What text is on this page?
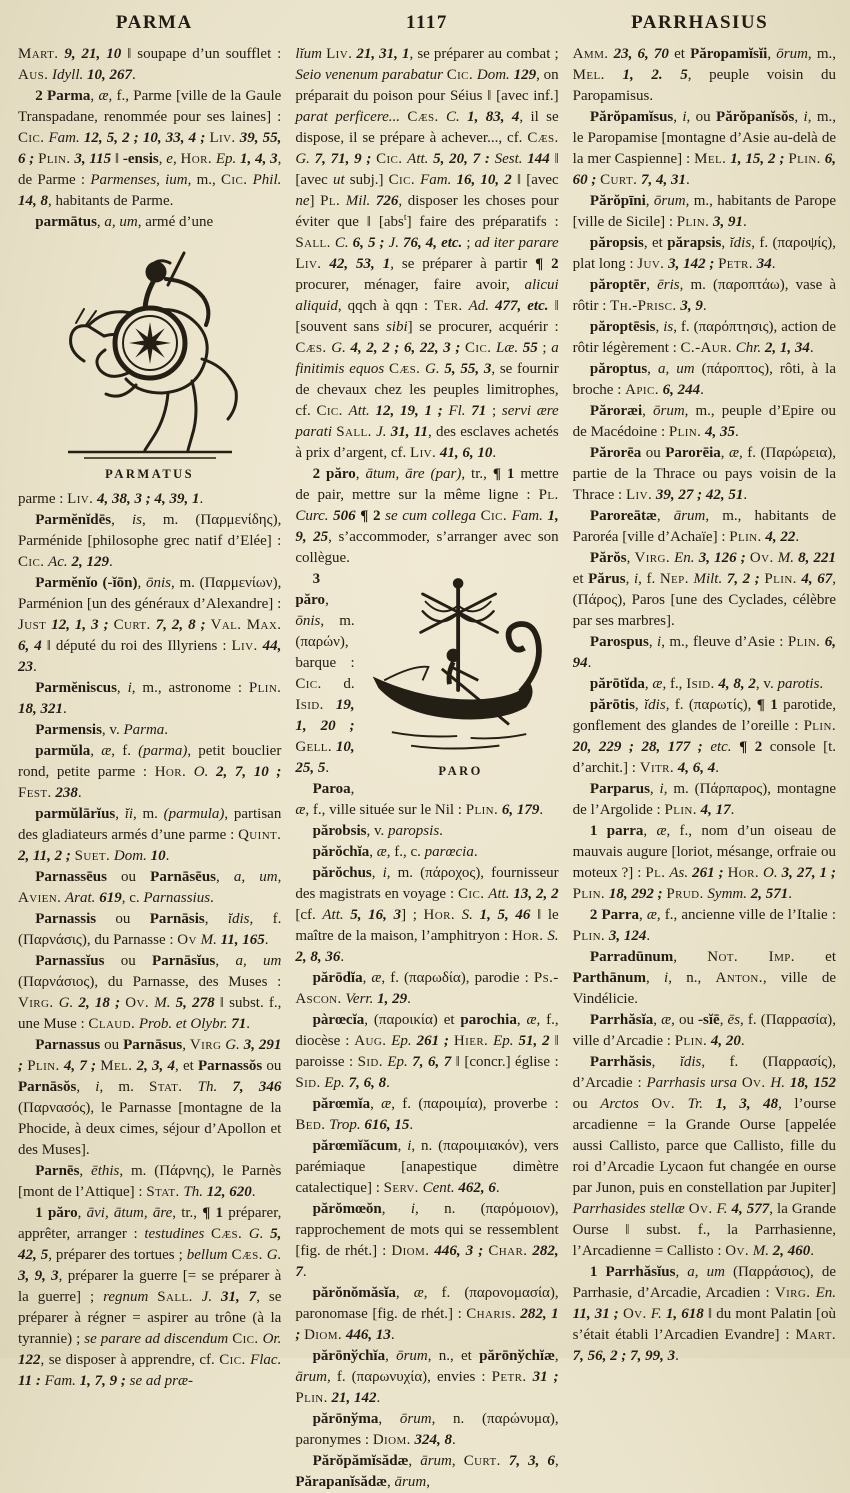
PARMA	1117	PARRHASIUS

Mart. 9, 21, 10 ‖ soupape d’un soufflet : Aus. Idyll. 10, 267.

2 Parma, æ, f., Parme [ville de la Gaule Transpadane, renommée pour ses laines] : Cic. Fam. 12, 5, 2 ; 10, 33, 4 ; Liv. 39, 55, 6 ; Plin. 3, 115 ‖ -ensis, e, Hor. Ep. 1, 4, 3, de Parme : Parmenses, ium, m., Cic. Phil. 14, 8, habitants de Parme.

parmātus, a, um, armé d’une

PARMATUS

parme : Liv. 4, 38, 3 ; 4, 39, 1.

Parmĕnĭdēs, is, m. (Παρμενίδης), Parménide [philosophe grec natif d’Elée] : Cic. Ac. 2, 129.

Parmĕnĭo (-ĭōn), ōnis, m. (Παρμενίων), Parménion [un des généraux d’Alexandre] : Just 12, 1, 3 ; Curt. 7, 2, 8 ; Val. Max. 6, 4 ‖ député du roi des Illyriens : Liv. 44, 23.

Parmĕniscus, i, m., astronome : Plin. 18, 321.

Parmensis, v. Parma.

parmŭla, æ, f. (parma), petit bouclier rond, petite parme : Hor. O. 2, 7, 10 ; Fest. 238.

parmŭlārĭus, ĭi, m. (parmula), partisan des gladiateurs armés d’une parme : Quint. 2, 11, 2 ; Suet. Dom. 10.

Parnassēus ou Parnāsēus, a, um, Avien. Arat. 619, c. Parnassius.

Parnassis ou Parnāsis, ĭdis, f. (Παρνάσις), du Parnasse : Ov M. 11, 165.

Parnassĭus ou Parnāsĭus, a, um (Παρνάσιος), du Parnasse, des Muses : Virg. G. 2, 18 ; Ov. M. 5, 278 ‖ subst. f., une Muse : Claud. Prob. et Olybr. 71.

Parnassus ou Parnāsus, Virg G. 3, 291 ; Plin. 4, 7 ; Mel. 2, 3, 4, et Parnassŏs ou Parnāsŏs, i, m. Stat. Th. 7, 346 (Παρνασός), le Parnasse [montagne de la Phocide, à deux cimes, séjour d’Apollon et des Muses].

Parnēs, ēthis, m. (Πάρνης), le Parnès [mont de l’Attique] : Stat. Th. 12, 620.

1 păro, āvi, ātum, āre, tr., ¶ 1 préparer, apprêter, arranger : testudines Cæs. G. 5, 42, 5, préparer des tortues ; bellum Cæs. G. 3, 9, 3, préparer la guerre [= se préparer à la guerre] ; regnum Sall. J. 31, 7, se préparer à régner = aspirer au trône (à la tyrannie) ; se parare ad discendum Cic. Or. 122, se disposer à apprendre, cf. Cic. Flac. 11 : Fam. 1, 7, 9 ; se ad præ-

lĭum Liv. 21, 31, 1, se préparer au combat ; Seio venenum parabatur Cic. Dom. 129, on préparait du poison pour Séius ‖ [avec inf.] parat perficere... Cæs. C. 1, 83, 4, il se dispose, il se prépare à achever..., cf. Cæs. G. 7, 71, 9 ; Cic. Att. 5, 20, 7 : Sest. 144 ‖ [avec ut subj.] Cic. Fam. 16, 10, 2 ‖ [avec ne] Pl. Mil. 726, disposer les choses pour éviter que ‖ [abs$^t$] faire des préparatifs : Sall. C. 6, 5 ; J. 76, 4, etc. ; ad iter parare Liv. 42, 53, 1, se préparer à partir ¶ 2 procurer, ménager, faire avoir, alicui aliquid, qqch à qqn : Ter. Ad. 477, etc. ‖ [souvent sans sibi] se procurer, acquérir : Cæs. G. 4, 2, 2 ; 6, 22, 3 ; Cic. Læ. 55 ; a finitimis equos Cæs. G. 5, 55, 3, se fournir de chevaux chez les peuples limitrophes, cf. Cic. Att. 12, 19, 1 ; Fl. 71 ; servi ære parati Sall. J. 31, 11, des esclaves achetés à prix d’argent, cf. Liv. 41, 6, 10.

2 păro, ātum, āre (par), tr., ¶ 1 mettre de pair, mettre sur la même ligne : Pl. Curc. 506 ¶ 2 se cum collega Cic. Fam. 1, 9, 25, s’accommoder, s’arranger avec son collègue.

PARO

3 păro, ōnis, m. (παρών), barque : Cic. d. Isid. 19, 1, 20 ; Gell. 10, 25, 5.

Paroa, æ, f., ville située sur le Nil : Plin. 6, 179.

părobsis, v. paropsis.

părŏchĭa, æ, f., c. parœcia.

părŏchus, i, m. (πάροχος), fournisseur des magistrats en voyage : Cic. Att. 13, 2, 2 [cf. Att. 5, 16, 3] ; Hor. S. 1, 5, 46 ‖ le maître de la maison, l’amphitryon : Hor. S. 2, 8, 36.

părōdĭa, æ, f. (παρωδία), parodie : Ps.-Ascon. Verr. 1, 29.

pàrœcĭa, (παροικία) et parochia, æ, f., diocèse : Aug. Ep. 261 ; Hier. Ep. 51, 2 ‖ paroisse : Sid. Ep. 7, 6, 7 ‖ [concr.] église : Sid. Ep. 7, 6, 8.

părœmĭa, æ, f. (παροιμία), proverbe : Bed. Trop. 616, 15.

părœmĭăcum, i, n. (παροιμιακόν), vers parémiaque [anapestique dimètre catalectique] : Serv. Cent. 462, 6.

părŏmœŏn, i, n. (παρόμοιον), rapprochement de mots qui se ressemblent [fig. de rhét.] : Diom. 446, 3 ; Char. 282, 7.

părŏnŏmăsĭa, æ, f. (παρονομασία), paronomase [fig. de rhét.] : Charis. 282, 1 ; Diom. 446, 13.

părōnўchĭa, ōrum, n., et părōnўchĭæ, ārum, f. (παρωνυχία), envies : Petr. 31 ; Plin. 21, 142.

părōnўma, ōrum, n. (παρώνυμα), paronymes : Diom. 324, 8.

Părŏpămĭsădæ, ārum, Curt. 7, 3, 6, Părapanĭsădæ, ārum,

Amm. 23, 6, 70 et Păropamĭsĭi, ōrum, m., Mel. 1, 2. 5, peuple voisin du Paropamisus.

Părŏpamĭsus, i, ou Părŏpanĭsŏs, i, m., le Paropamise [montagne d’Asie au-delà de la mer Caspienne] : Mel. 1, 15, 2 ; Plin. 6, 60 ; Curt. 7, 4, 31.

Părŏpīni, ōrum, m., habitants de Parope [ville de Sicile] : Plin. 3, 91.

păropsis, et părapsis, ĭdis, f. (παροψίς), plat long : Juv. 3, 142 ; Petr. 34.

păroptēr, ēris, m. (παροπτάω), vase à rôtir : Th.-Prisc. 3, 9.

păroptēsis, is, f. (παρόπτησις), action de rôtir légèrement : C.-Aur. Chr. 2, 1, 34.

păroptus, a, um (πάροπτος), rôti, à la broche : Apic. 6, 244.

Păroræi, ōrum, m., peuple d’Epire ou de Macédoine : Plin. 4, 35.

Părorēa ou Parorēia, æ, f. (Παρώρεια), partie de la Thrace ou pays voisin de la Thrace : Liv. 39, 27 ; 42, 51.

Paroreātæ, ārum, m., habitants de Paroréa [ville d’Achaïe] : Plin. 4, 22.

Părŏs, Virg. En. 3, 126 ; Ov. M. 8, 221 et Părus, i, f. Nep. Milt. 7, 2 ; Plin. 4, 67, (Πάρος), Paros [une des Cyclades, célèbre par ses marbres].

Parospus, i, m., fleuve d’Asie : Plin. 6, 94.

părōtĭda, æ, f., Isid. 4, 8, 2, v. parotis.

părōtis, ĭdis, f. (παρωτίς), ¶ 1 parotide, gonflement des glandes de l’oreille : Plin. 20, 229 ; 28, 177 ; etc. ¶ 2 console [t. d’archit.] : Vitr. 4, 6, 4.

Parparus, i, m. (Πάρπαρος), montagne de l’Argolide : Plin. 4, 17.

1 parra, æ, f., nom d’un oiseau de mauvais augure [loriot, mésange, orfraie ou moteux ?] : Pl. As. 261 ; Hor. O. 3, 27, 1 ; Plin. 18, 292 ; Prud. Symm. 2, 571.

2 Parra, æ, f., ancienne ville de l’Italie : Plin. 3, 124.

Parradūnum, Not. Imp. et Parthānum, i, n., Anton., ville de Vindélicie.

Parrhăsĭa, æ, ou -sĭē, ēs, f. (Παρρασία), ville d’Arcadie : Plin. 4, 20.

Parrhăsis, ĭdis, f. (Παρρασίς), d’Arcadie : Parrhasis ursa Ov. H. 18, 152 ou Arctos Ov. Tr. 1, 3, 48, l’ourse arcadienne = la Grande Ourse [appelée aussi Callisto, parce que Callisto, fille du roi d’Arcadie Lycaon fut changée en ourse par Junon, puis en constellation par Jupiter] Parrhasides stellæ Ov. F. 4, 577, la Grande Ourse ‖ subst. f., la Parrhasienne, l’Arcadienne = Callisto : Ov. M. 2, 460.

1 Parrhăsĭus, a, um (Παρράσιος), de Parrhasie, d’Arcadie, Arcadien : Virg. En. 11, 31 ; Ov. F. 1, 618 ‖ du mont Palatin [où s’était établi l’Arcadien Evandre] : Mart. 7, 56, 2 ; 7, 99, 3.
